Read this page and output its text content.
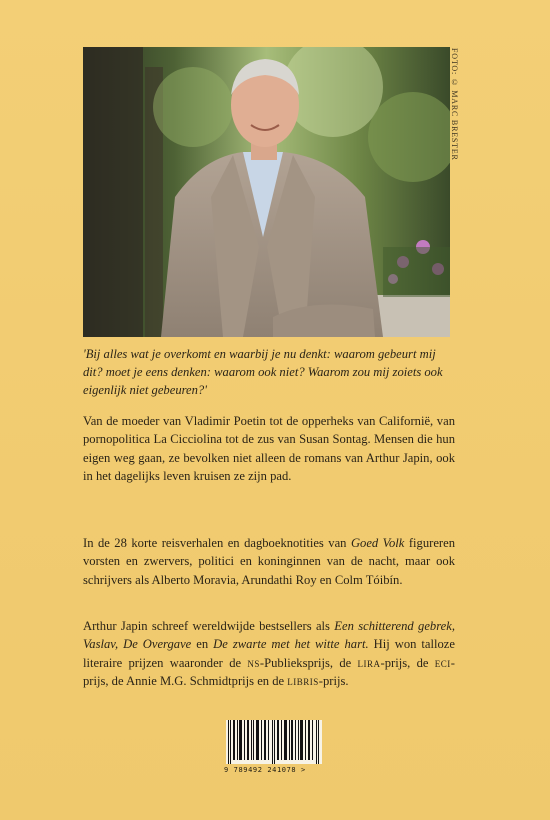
FOTO: © MARC BRESTER

'Bij alles wat je overkomt en waarbij je nu denkt: waarom gebeurt mij dit? moet je eens denken: waarom ook niet? Waarom zou mij zoiets ook eigenlijk niet gebeuren?'

Van de moeder van Vladimir Poetin tot de opperheks van Californië, van pornopolitica La Cicciolina tot de zus van Susan Sontag. Mensen die hun eigen weg gaan, ze bevolken niet alleen de romans van Arthur Japin, ook in het dagelijks leven kruisen ze zijn pad.

In de 28 korte reisverhalen en dagboeknotities van Goed Volk figureren vorsten en zwervers, politici en koninginnen van de nacht, maar ook schrijvers als Alberto Moravia, Arundathi Roy en Colm Tóibín.

Arthur Japin schreef wereldwijde bestsellers als Een schitterend gebrek, Vaslav, De Overgave en De zwarte met het witte hart. Hij won talloze literaire prijzen waaronder de ns-Publieksprijs, de lira-prijs, de eci-prijs, de Annie M.G. Schmidtprijs en de libris-prijs.

9 789492 241078 >
